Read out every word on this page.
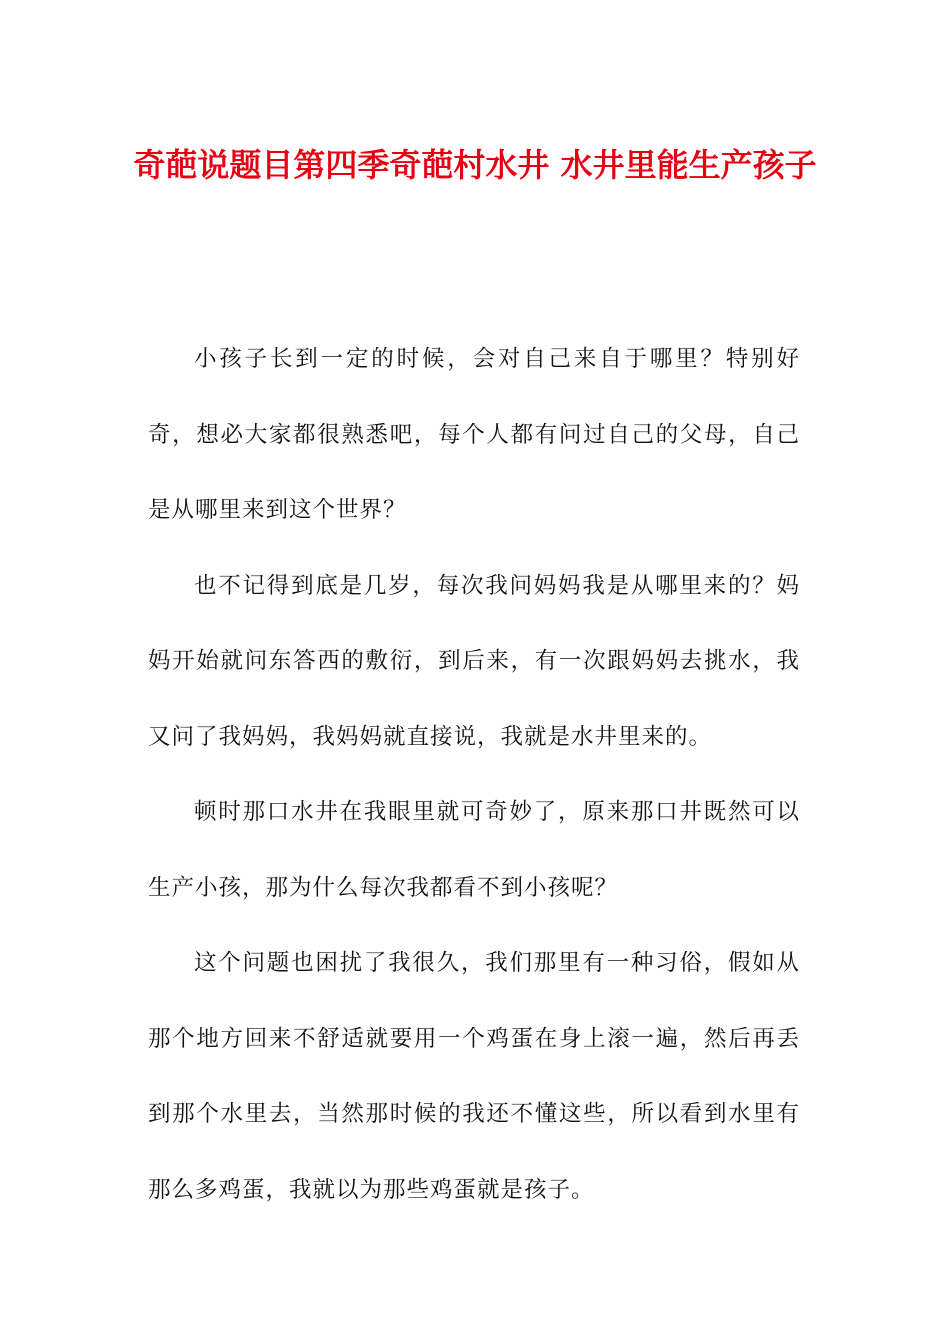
奇葩说题目第四季奇葩村水井 水井里能生产孩子

小孩子长到一定的时候，会对自己来自于哪里？特别好奇，想必大家都很熟悉吧，每个人都有问过自己的父母，自己是从哪里来到这个世界？

也不记得到底是几岁，每次我问妈妈我是从哪里来的？妈妈开始就问东答西的敷衍，到后来，有一次跟妈妈去挑水，我又问了我妈妈，我妈妈就直接说，我就是水井里来的。

顿时那口水井在我眼里就可奇妙了，原来那口井既然可以生产小孩，那为什么每次我都看不到小孩呢？

这个问题也困扰了我很久，我们那里有一种习俗，假如从那个地方回来不舒适就要用一个鸡蛋在身上滚一遍，然后再丢到那个水里去，当然那时候的我还不懂这些，所以看到水里有那么多鸡蛋，我就以为那些鸡蛋就是孩子。
